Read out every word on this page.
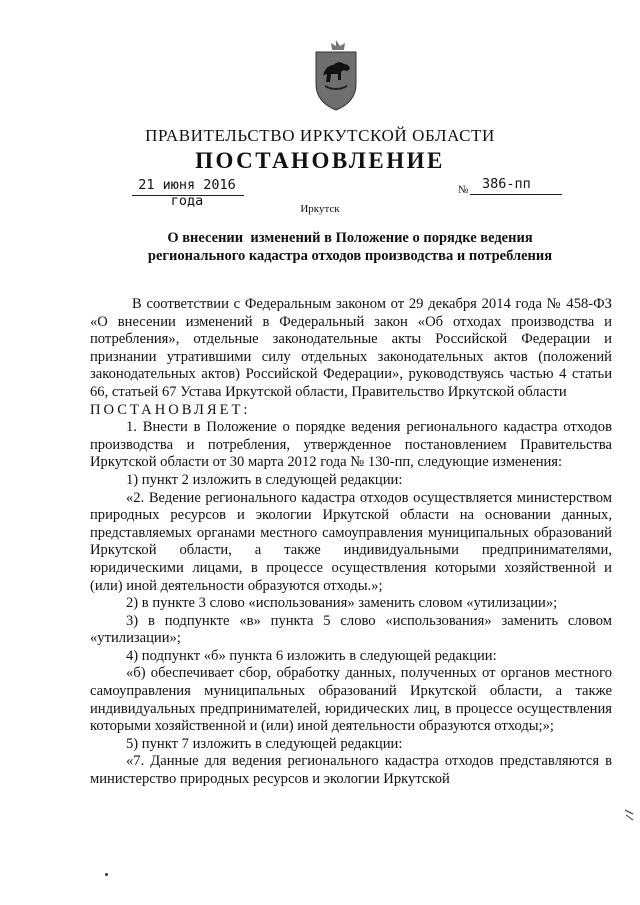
ПРАВИТЕЛЬСТВО ИРКУТСКОЙ ОБЛАСТИ
ПОСТАНОВЛЕНИЕ
21 июня 2016 года
№ 386-пп
Иркутск
О внесении  изменений в Положение о порядке ведения
регионального кадастра отходов производства и потребления

В соответствии с Федеральным законом от 29 декабря 2014 года № 458-ФЗ «О внесении изменений в Федеральный закон «Об отходах производства и потребления», отдельные законодательные акты Российской Федерации и признании утратившими силу отдельных законодательных актов (положений законодательных актов) Российской Федерации», руководствуясь частью 4 статьи 66, статьей 67 Устава Иркутской области, Правительство Иркутской области

ПОСТАНОВЛЯЕТ:

1. Внести в Положение о порядке ведения регионального кадастра отходов производства и потребления, утвержденное постановлением Правительства Иркутской области от 30 марта 2012 года № 130-пп, следующие изменения:

1) пункт 2 изложить в следующей редакции:

«2. Ведение регионального кадастра отходов осуществляется министерством природных ресурсов и экологии Иркутской области на основании данных, представляемых органами местного самоуправления муниципальных образований Иркутской области, а также индивидуальными предпринимателями, юридическими лицами, в процессе осуществления которыми хозяйственной и (или) иной деятельности образуются отходы.»;

2) в пункте 3 слово «использования» заменить словом «утилизации»;

3) в подпункте «в» пункта 5 слово «использования» заменить словом «утилизации»;

4) подпункт «б» пункта 6 изложить в следующей редакции:

«б) обеспечивает сбор, обработку данных, полученных от органов местного самоуправления муниципальных образований Иркутской области, а также индивидуальных предпринимателей, юридических лиц, в процессе осуществления которыми хозяйственной и (или) иной деятельности образуются отходы;»;

5) пункт 7 изложить в следующей редакции:

«7. Данные для ведения регионального кадастра отходов представляются в министерство природных ресурсов и экологии Иркутской
